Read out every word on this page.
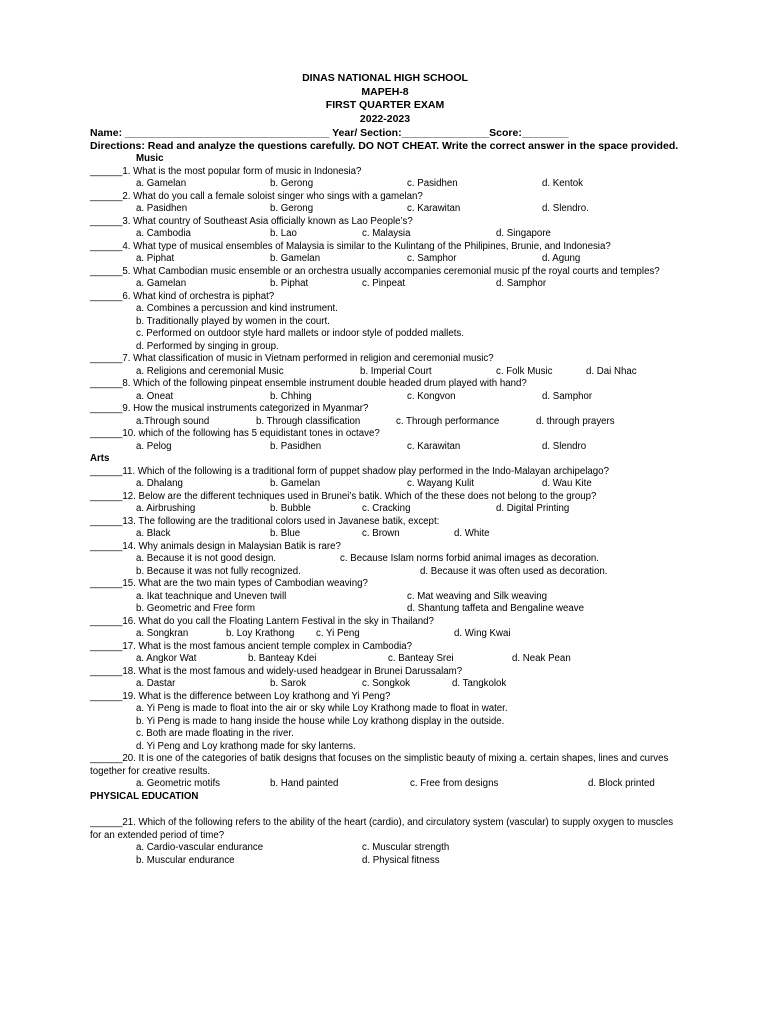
DINAS NATIONAL HIGH SCHOOL
MAPEH-8
FIRST QUARTER EXAM
2022-2023
Name: ___________________________________ Year/ Section:_______________Score:________
Directions: Read and analyze the questions carefully. DO NOT CHEAT. Write the correct answer in the space provided.
Music
______1. What is the most popular form of music in Indonesia?
a. Gamelan	b. Gerong	c. Pasidhen	d. Kentok
______2. What do you call a female soloist singer who sings with a gamelan?
a. Pasidhen	b. Gerong	c. Karawitan	d. Slendro.
______3. What country of Southeast Asia officially known as Lao People’s?
a. Cambodia	b. Lao	c. Malaysia	d. Singapore
______4. What type of musical ensembles of Malaysia is similar to the Kulintang of the Philipines, Brunie, and Indonesia?
a. Piphat	b. Gamelan	c. Samphor	d. Agung
______5. What Cambodian music ensemble or an orchestra usually accompanies ceremonial music pf the royal courts and temples?
a. Gamelan	b. Piphat	c. Pinpeat	d. Samphor
______6. What kind of orchestra is piphat?
a. Combines a percussion and kind instrument.
b. Traditionally played by women in the court.
c. Performed on outdoor style hard mallets or indoor style of podded mallets.
d. Performed by singing in group.
______7. What classification of music in Vietnam performed in religion and ceremonial music?
a. Religions and ceremonial Music	b. Imperial Court	c. Folk Music	d. Dai Nhac
______8. Which of the following pinpeat ensemble instrument double headed drum played with hand?
a. Oneat	b. Chhing	c. Kongvon	d. Samphor
______9. How the musical instruments categorized in Myanmar?
a.Through sound	b. Through classification	c. Through performance	d. through prayers
______10. which of the following has 5 equidistant tones in octave?
a. Pelog	b. Pasidhen	c. Karawitan	d. Slendro
Arts
______11. Which of the following is a traditional form of puppet shadow play performed in the Indo-Malayan archipelago?
a. Dhalang	b. Gamelan	c. Wayang Kulit	d. Wau Kite
______12. Below are the different techniques used in Brunei’s batik. Which of the these does not belong to the group?
a. Airbrushing	b. Bubble	c. Cracking	d. Digital Printing
______13. The following are the traditional colors used in Javanese batik, except:
a. Black	b. Blue	c. Brown	d. White
______14. Why animals design in Malaysian Batik is rare?
a. Because it is not good design.	c. Because Islam norms forbid animal images as decoration.
b. Because it was not fully recognized.	d. Because it was often used as decoration.
______15. What are the two main types of Cambodian weaving?
a. Ikat teachnique and Uneven twill	c. Mat weaving and Silk weaving
b. Geometric and Free form	d. Shantung taffeta and Bengaline weave
______16. What do you call the Floating Lantern Festival in the sky in Thailand?
a. Songkran	b. Loy Krathong c. Yi Peng	d. Wing Kwai
______17. What is the most famous ancient temple complex in Cambodia?
a. Angkor Wat	b. Banteay Kdei	c. Banteay Srei	d. Neak Pean
______18. What is the most famous and widely-used headgear in Brunei Darussalam?
a. Dastar	b. Sarok	c. Songkok	d. Tangkolok
______19. What is the difference between Loy krathong and Yi Peng?
a. Yi Peng is made to float into the air or sky while Loy Krathong made to float in water.
b. Yi Peng is made to hang inside the house while Loy krathong display in the outside.
c. Both are made floating in the river.
d. Yi Peng and Loy krathong made for sky lanterns.
______20. It is one of the categories of batik designs that focuses on the simplistic beauty of mixing a. certain shapes, lines and curves together for creative results.
a. Geometric motifs	b. Hand painted	c. Free from designs	d. Block printed
PHYSICAL EDUCATION
______21. Which of the following refers to the ability of the heart (cardio), and circulatory system (vascular) to supply oxygen to muscles for an extended period of time?
a. Cardio-vascular endurance	c. Muscular strength
b. Muscular endurance	d. Physical fitness
